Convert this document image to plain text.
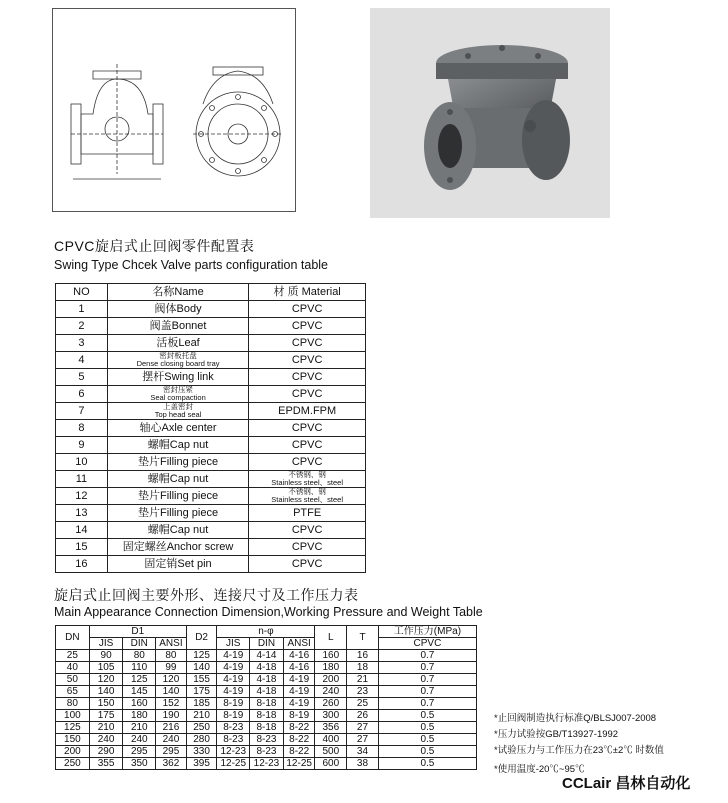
CPVC旋启式止回阀零件配置表
Swing Type Chcek Valve parts configuration table
NO	名称Name	材 质 Material
1	阀体Body	CPVC
2	阀盖Bonnet	CPVC
3	活板Leaf	CPVC
4	密封板托盘
Dense closing board tray	CPVC
5	摆杆Swing link	CPVC
6	密封压紧
Seal compaction	CPVC
7	上盖密封
Top head seal	EPDM.FPM
8	轴心Axle center	CPVC
9	螺帽Cap nut	CPVC
10	垫片Filling piece	CPVC
11	螺帽Cap nut	不锈钢、钢
Stainless steel、steel

12	垫片Filling piece	不锈钢、钢
Stainless steel、steel

13	垫片Filling piece	PTFE
14	螺帽Cap nut	CPVC
15	固定螺丝Anchor screw	CPVC
16	固定销Set pin	CPVC
旋启式止回阀主要外形、连接尺寸及工作压力表
Main Appearance Connection Dimension,Working Pressure and Weight Table
DN	D1			D2	n-φ			L	T	工作压力(MPa)
	JIS	DIN	ANSI		JIS	DIN	ANSI			CPVC
25	90	80	80	125	4-19	4-14	4-16	160	16	0.7
40	105	110	99	140	4-19	4-18	4-16	180	18	0.7
50	120	125	120	155	4-19	4-18	4-19	200	21	0.7
65	140	145	140	175	4-19	4-18	4-19	240	23	0.7
80	150	160	152	185	8-19	8-18	4-19	260	25	0.7
100	175	180	190	210	8-19	8-18	8-19	300	26	0.5
125	210	210	216	250	8-23	8-18	8-22	356	27	0.5
150	240	240	240	280	8-23	8-23	8-22	400	27	0.5
200	290	295	295	330	12-23	8-23	8-22	500	34	0.5
250	355	350	362	395	12-25	12-23	12-25	600	38	0.5
*止回阀制造执行标准Q/BLSJ007-2008
*压力试验按GB/T13927-1992
*试验压力与工作压力在23℃±2℃ 时数值
*使用温度-20℃~95℃
CCLair 昌林自动化
